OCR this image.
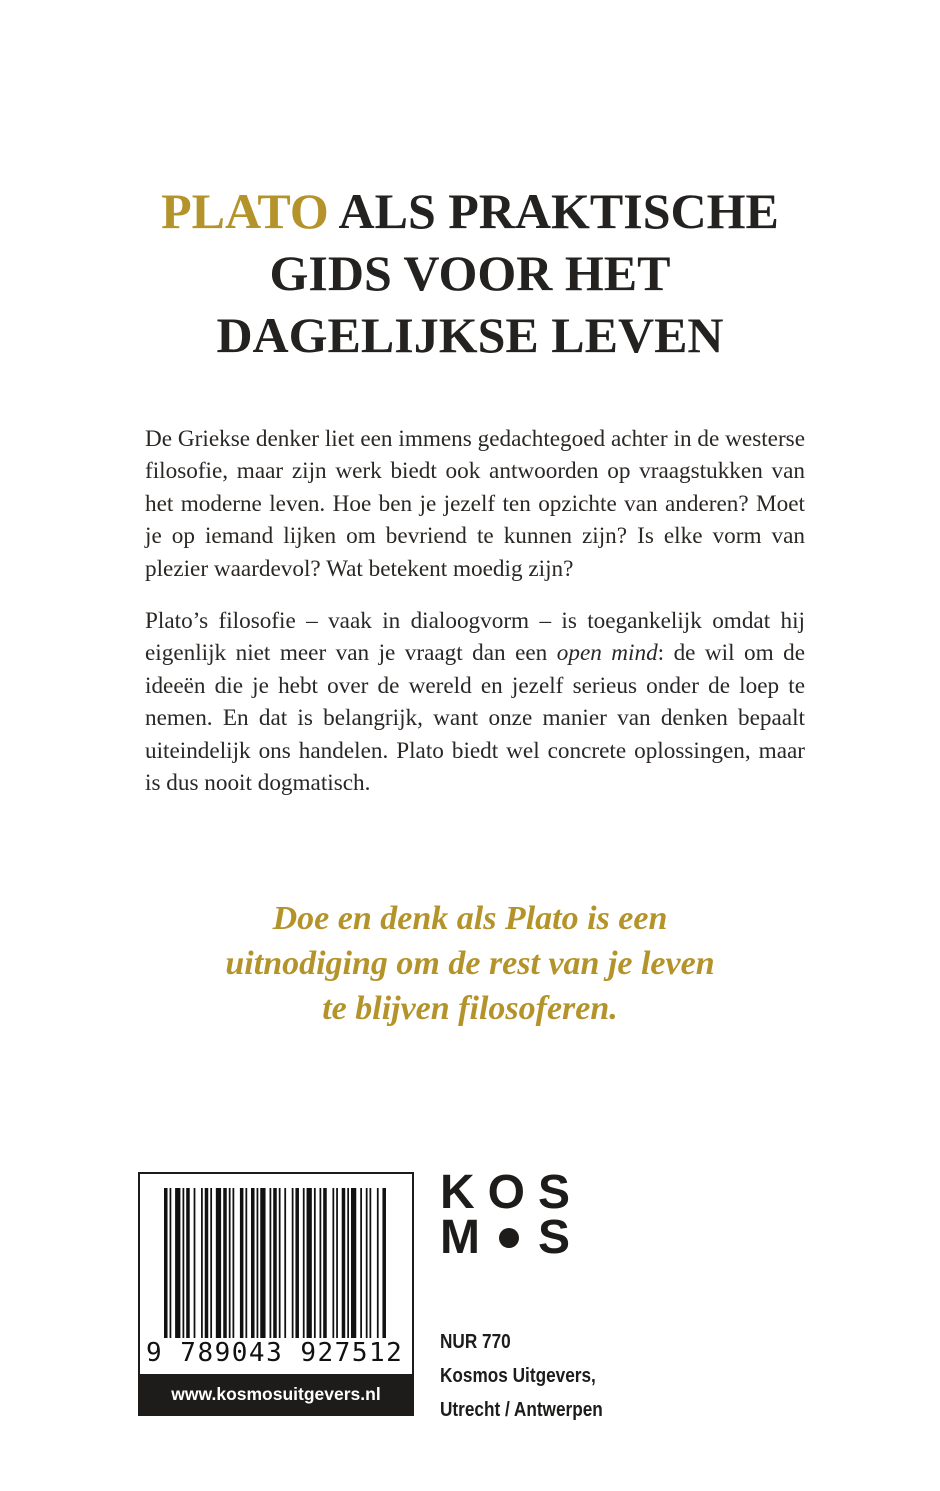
PLATO ALS PRAKTISCHE
GIDS VOOR HET
DAGELIJKSE LEVEN

De Griekse denker liet een immens gedachtegoed achter in de westerse filosofie, maar zijn werk biedt ook antwoorden op vraagstukken van het moderne leven. Hoe ben je jezelf ten opzichte van anderen? Moet je op iemand lijken om bevriend te kunnen zijn? Is elke vorm van plezier waardevol? Wat betekent moedig zijn?

Plato’s filosofie – vaak in dialoogvorm – is toegankelijk omdat hij eigenlijk niet meer van je vraagt dan een open mind: de wil om de ideeën die je hebt over de wereld en jezelf serieus onder de loep te nemen. En dat is belangrijk, want onze manier van denken bepaalt uiteindelijk ons handelen. Plato biedt wel concrete oplossingen, maar is dus nooit dogmatisch.

Doe en denk als Plato is een
uitnodiging om de rest van je leven
te blijven filosoferen.
9 789043 927512
www.kosmosuitgevers.nl
K O S
M S
NUR 770
Kosmos Uitgevers,
Utrecht / Antwerpen
